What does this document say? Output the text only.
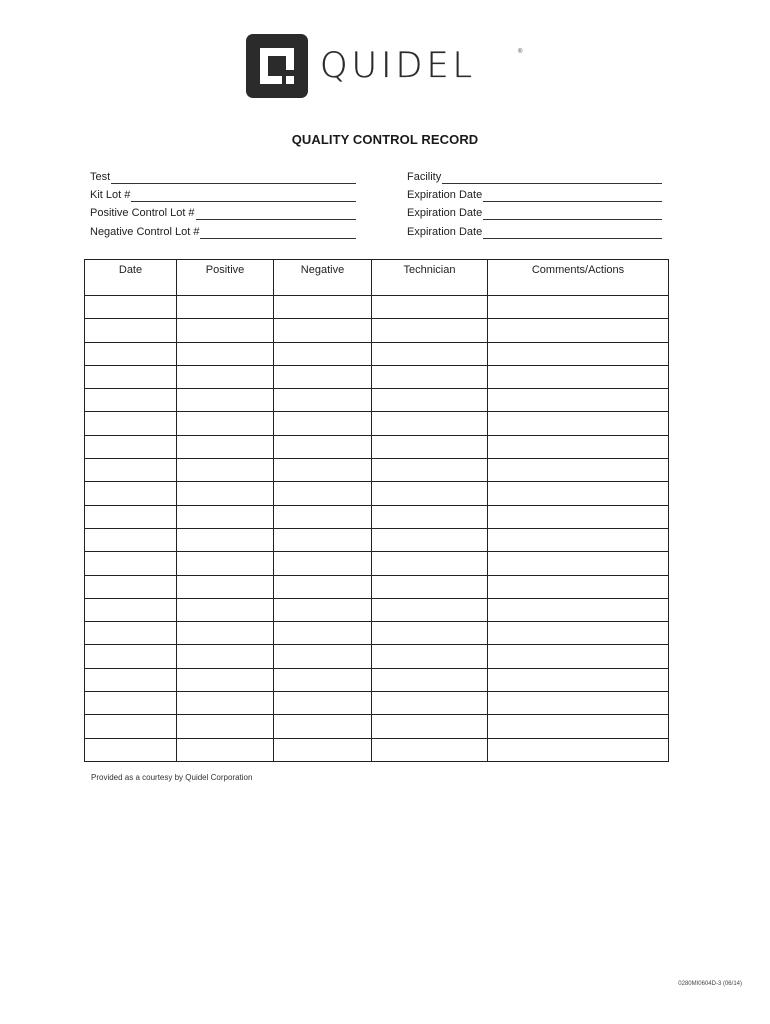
QUIDEL	®
QUALITY CONTROL RECORD
Test
Kit Lot #
Positive Control Lot #
Negative Control Lot #
Facility
Expiration Date
Expiration Date
Expiration Date
Date	Positive	Negative	Technician	Comments/Actions

Provided as a courtesy by Quidel Corporation
0280MI0604D-3 (06/14)
